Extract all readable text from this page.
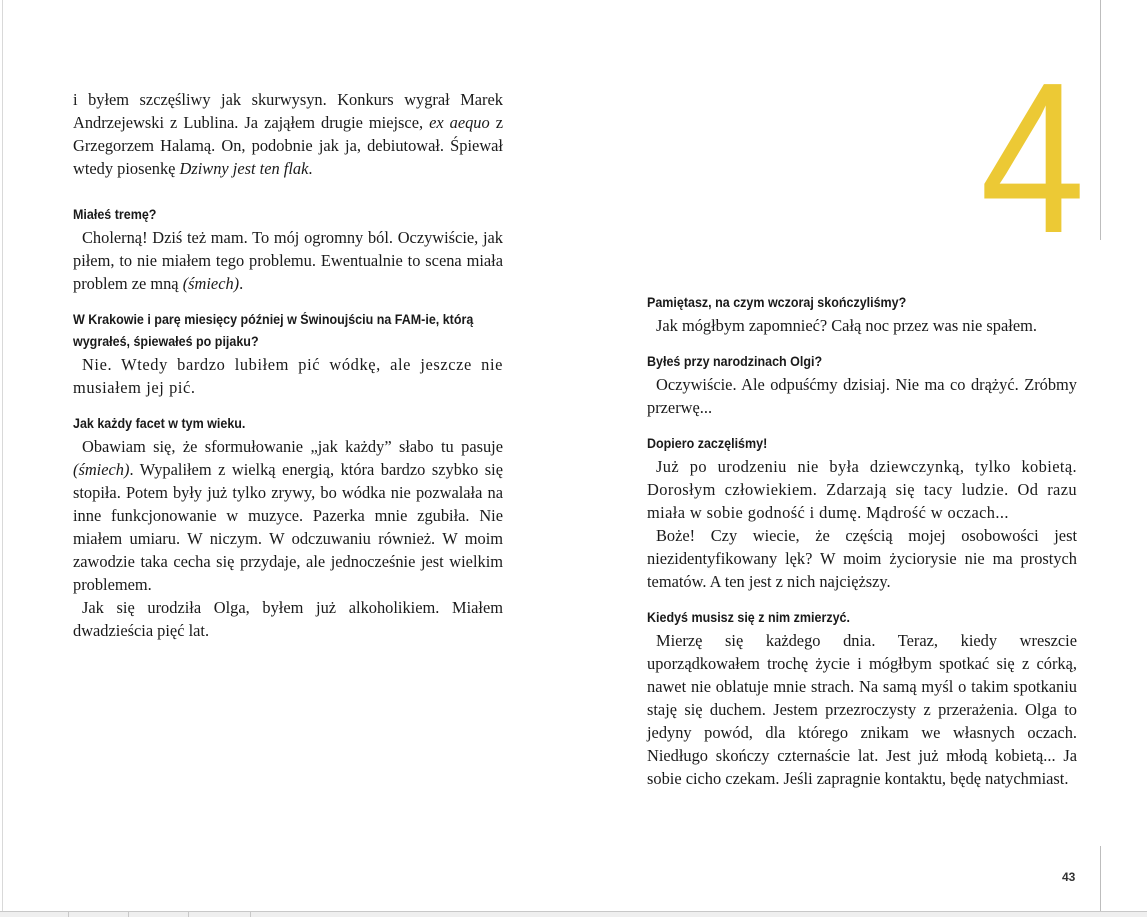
4

i byłem szczęśliwy jak skurwysyn. Konkurs wygrał Marek Andrzejewski z Lublina. Ja zająłem drugie miejsce, ex aequo z Grzegorzem Halamą. On, podobnie jak ja, debiutował. Śpiewał wtedy piosenkę Dziwny jest ten flak.

Miałeś tremę?

Cholerną! Dziś też mam. To mój ogromny ból. Oczywiście, jak piłem, to nie miałem tego problemu. Ewentualnie to scena miała problem ze mną (śmiech).

W Krakowie i parę miesięcy później w Świnoujściu na FAM-ie, którą

wygrałeś, śpiewałeś po pijaku?

Nie. Wtedy bardzo lubiłem pić wódkę, ale jeszcze nie musiałem jej pić.

Jak każdy facet w tym wieku.

Obawiam się, że sformułowanie „jak każdy” słabo tu pasuje (śmiech). Wypaliłem z wielką energią, która bardzo szybko się stopiła. Potem były już tylko zrywy, bo wódka nie pozwalała na inne funkcjonowanie w muzyce. Pazerka mnie zgubiła. Nie miałem umiaru. W niczym. W odczuwaniu również. W moim zawodzie taka cecha się przydaje, ale jednocześnie jest wielkim problemem.

Jak się urodziła Olga, byłem już alkoholikiem. Miałem dwadzieścia pięć lat.

Pamiętasz, na czym wczoraj skończyliśmy?

Jak mógłbym zapomnieć? Całą noc przez was nie spałem.

Byłeś przy narodzinach Olgi?

Oczywiście. Ale odpuśćmy dzisiaj. Nie ma co drążyć. Zróbmy przerwę...

Dopiero zaczęliśmy!

Już po urodzeniu nie była dziewczynką, tylko kobietą. Dorosłym człowiekiem. Zdarzają się tacy ludzie. Od razu miała w sobie godność i dumę. Mądrość w oczach...

Boże! Czy wiecie, że częścią mojej osobowości jest niezidentyfikowany lęk? W moim życiorysie nie ma prostych tematów. A ten jest z nich najcięższy.

Kiedyś musisz się z nim zmierzyć.

Mierzę się każdego dnia. Teraz, kiedy wreszcie uporządkowałem trochę życie i mógłbym spotkać się z córką, nawet nie oblatuje mnie strach. Na samą myśl o takim spotkaniu staję się duchem. Jestem przezroczysty z przerażenia. Olga to jedyny powód, dla którego znikam we własnych oczach. Niedługo skończy czternaście lat. Jest już młodą kobietą... Ja sobie cicho czekam. Jeśli zapragnie kontaktu, będę natychmiast.

43
